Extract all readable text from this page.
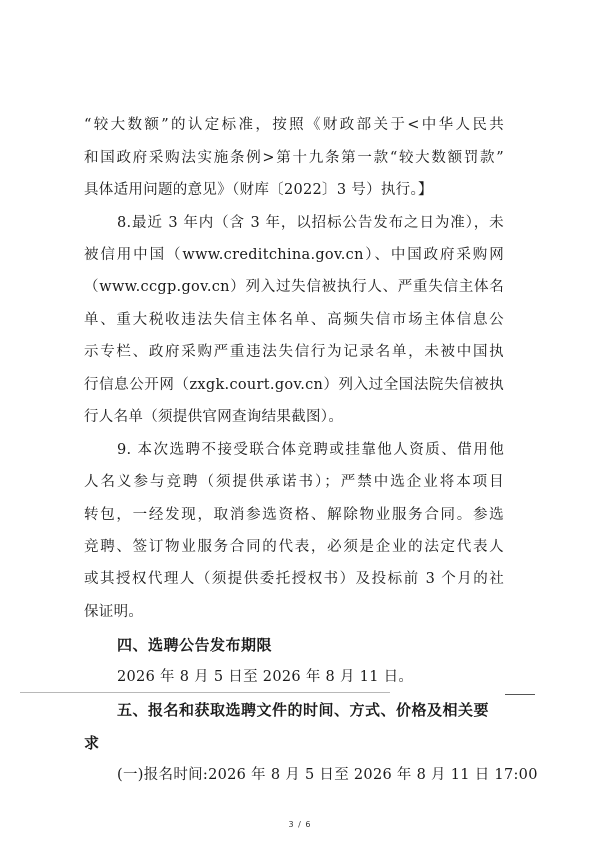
“较大数额”的认定标准，按照《财政部关于<中华人民共
和国政府采购法实施条例>第十九条第一款“较大数额罚款”
具体适用问题的意见》（财库〔2022〕3 号）执行。】
8.最近 3 年内（含 3 年，以招标公告发布之日为准），未
被信用中国（www.creditchina.gov.cn）、中国政府采购网
（www.ccgp.gov.cn）列入过失信被执行人、严重失信主体名
单、重大税收违法失信主体名单、高频失信市场主体信息公
示专栏、政府采购严重违法失信行为记录名单，未被中国执
行信息公开网（zxgk.court.gov.cn）列入过全国法院失信被执
行人名单（须提供官网查询结果截图）。
9. 本次选聘不接受联合体竞聘或挂靠他人资质、借用他
人名义参与竞聘（须提供承诺书）；严禁中选企业将本项目
转包，一经发现，取消参选资格、解除物业服务合同。参选
竞聘、签订物业服务合同的代表，必须是企业的法定代表人
或其授权代理人（须提供委托授权书）及投标前 3 个月的社
保证明。
四、选聘公告发布期限
2026 年 8 月 5 日至 2026 年 8 月 11 日。
五、报名和获取选聘文件的时间、方式、价格及相关要
求
(一)报名时间:2026 年 8 月 5 日至 2026 年 8 月 11 日 17:00
3 / 6
